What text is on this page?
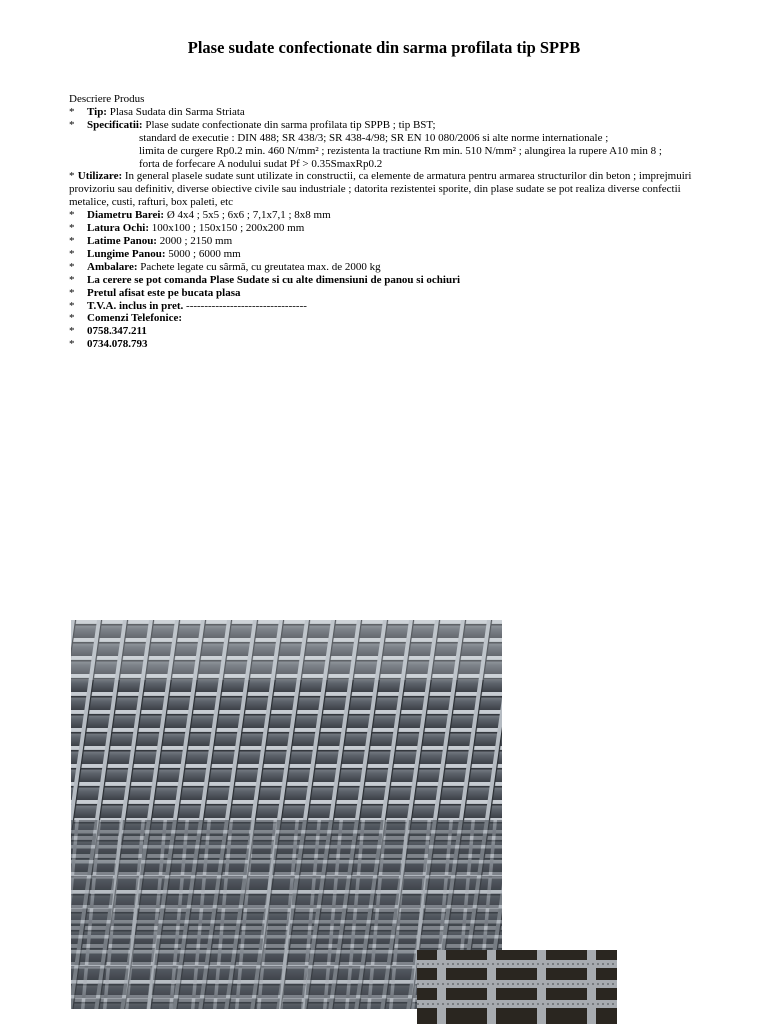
Plase sudate confectionate din sarma profilata tip SPPB

Descriere Produs

* Tip: Plasa Sudata din Sarma Striata

* Specificatii: Plase sudate confectionate din sarma profilata tip SPPB ; tip BST;

standard de executie : DIN 488; SR 438/3; SR 438-4/98; SR EN 10 080/2006 si alte norme internationale ;

limita de curgere Rp0.2 min. 460 N/mm² ; rezistenta la tractiune Rm min. 510 N/mm² ; alungirea la rupere A10 min 8 ;

forta de forfecare A nodului sudat Pf > 0.35SmaxRp0.2

* Utilizare: In general plasele sudate sunt utilizate in constructii, ca elemente de armatura pentru armarea structurilor din beton ; imprejmuiri provizoriu sau definitiv, diverse obiective civile sau industriale ; datorita rezistentei sporite, din plase sudate se pot realiza diverse confectii metalice, custi, rafturi, box paleti, etc

* Diametru Barei: Ø 4x4 ; 5x5 ; 6x6 ; 7,1x7,1 ; 8x8 mm

* Latura Ochi: 100x100 ; 150x150 ; 200x200 mm

* Latime Panou: 2000 ; 2150 mm

* Lungime Panou: 5000 ; 6000 mm

* Ambalare: Pachete legate cu sârmă, cu greutatea max. de 2000 kg

* La cerere se pot comanda Plase Sudate si cu alte dimensiuni de panou si ochiuri

* Pretul afisat este pe bucata plasa

* T.V.A. inclus in pret. ---------------------------------

* Comenzi Telefonice:

* 0758.347.211

* 0734.078.793
